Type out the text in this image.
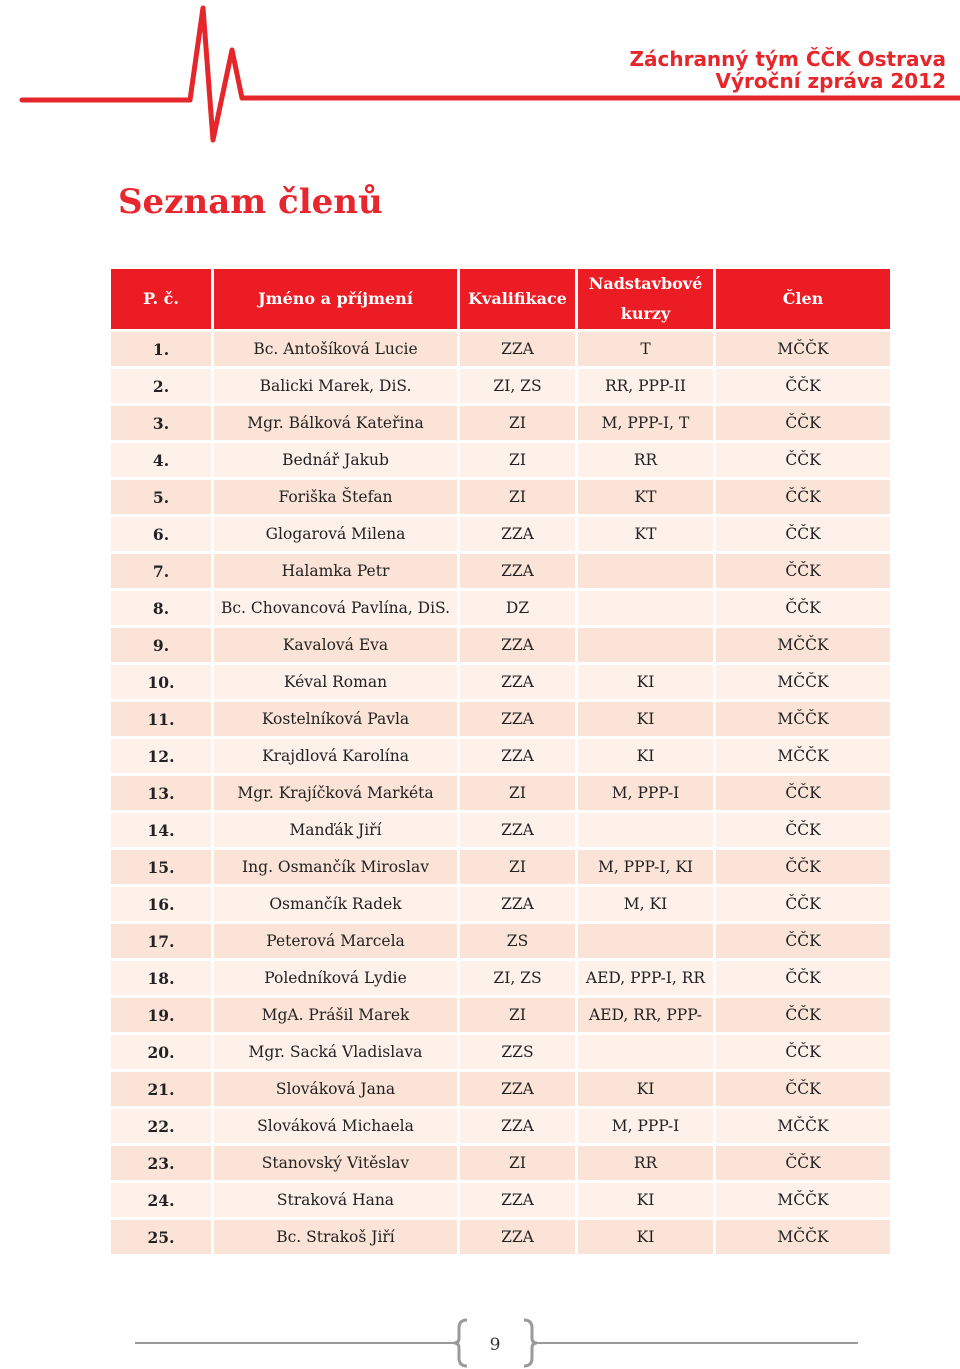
Záchranný tým ČČK Ostrava
Výroční zpráva 2012
Seznam členů
P. č.	Jméno a příjmení	Kvalifikace	Nadstavbové kurzy	Člen
1.	Bc. Antošíková Lucie	ZZA	T	MČČK
2.	Balicki Marek, DiS.	ZI, ZS	RR, PPP-II	ČČK
3.	Mgr. Bálková Kateřina	ZI	M, PPP-I, T	ČČK
4.	Bednář Jakub	ZI	RR	ČČK
5.	Foriška Štefan	ZI	KT	ČČK
6.	Glogarová Milena	ZZA	KT	ČČK
7.	Halamka Petr	ZZA		ČČK
8.	Bc. Chovancová Pavlína, DiS.	DZ		ČČK
9.	Kavalová Eva	ZZA		MČČK
10.	Kéval Roman	ZZA	KI	MČČK
11.	Kostelníková Pavla	ZZA	KI	MČČK
12.	Krajdlová Karolína	ZZA	KI	MČČK
13.	Mgr. Krajíčková Markéta	ZI	M, PPP-I	ČČK
14.	Manďák Jiří	ZZA		ČČK
15.	Ing. Osmančík Miroslav	ZI	M, PPP-I, KI	ČČK
16.	Osmančík Radek	ZZA	M, KI	ČČK
17.	Peterová Marcela	ZS		ČČK
18.	Poledníková Lydie	ZI, ZS	AED, PPP-I, RR	ČČK
19.	MgA. Prášil Marek	ZI	AED, RR, PPP-	ČČK
20.	Mgr. Sacká Vladislava	ZZS		ČČK
21.	Slováková Jana	ZZA	KI	ČČK
22.	Slováková Michaela	ZZA	M, PPP-I	MČČK
23.	Stanovský Vitěslav	ZI	RR	ČČK
24.	Straková Hana	ZZA	KI	MČČK
25.	Bc. Strakoš Jiří	ZZA	KI	MČČK
9
